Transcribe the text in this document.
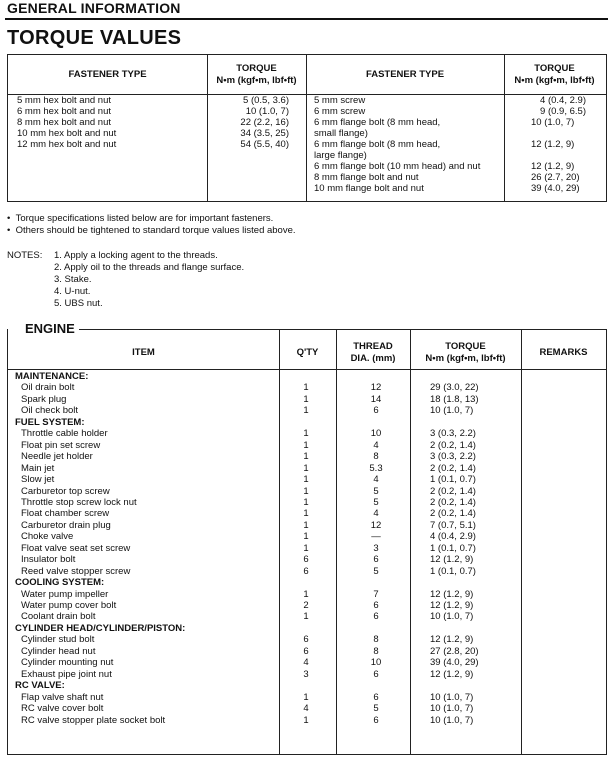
GENERAL INFORMATION
TORQUE VALUES
FASTENER TYPE
TORQUE
N•m (kgf•m, lbf•ft)
FASTENER TYPE
TORQUE
N•m (kgf•m, lbf•ft)
5 mm hex bolt and nut	5 (0.5, 3.6)
6 mm hex bolt and nut	10 (1.0, 7)
8 mm hex bolt and nut	22 (2.2, 16)
10 mm hex bolt and nut	34 (3.5, 25)
12 mm hex bolt and nut	54 (5.5, 40)
5 mm screw	4 (0.4, 2.9)
6 mm screw	9 (0.9, 6.5)
6 mm flange bolt (8 mm head,
small flange)
10 (1.0, 7)
6 mm flange bolt (8 mm head,
large flange)
12 (1.2, 9)
6 mm flange bolt (10 mm head) and nut	12 (1.2, 9)
8 mm flange bolt and nut	26 (2.7, 20)
10 mm flange bolt and nut	39 (4.0, 29)
•  Torque specifications listed below are for important fasteners.
•  Others should be tightened to standard torque values listed above.
NOTES: 1. Apply a locking agent to the threads.
2. Apply oil to the threads and flange surface.
3. Stake.
4. U-nut.
5. UBS nut.
ENGINE
ITEM	Q'TY
THREAD
DIA. (mm)
TORQUE
N•m (kgf•m, lbf•ft)
REMARKS
MAINTENANCE:
Oil drain bolt	1	12	29 (3.0, 22)
Spark plug	1	14	18 (1.8, 13)
Oil check bolt	1	6	10 (1.0, 7)
FUEL SYSTEM:
Throttle cable holder	1	10	3 (0.3, 2.2)
Float pin set screw	1	4	2 (0.2, 1.4)
Needle jet holder	1	8	3 (0.3, 2.2)
Main jet	1	5.3	2 (0.2, 1.4)
Slow jet	1	4	1 (0.1, 0.7)
Carburetor top screw	1	5	2 (0.2, 1.4)
Throttle stop screw lock nut	1	5	2 (0.2, 1.4)
Float chamber screw	1	4	2 (0.2, 1.4)
Carburetor drain plug	1	12	7 (0.7, 5.1)
Choke valve	1	—	4 (0.4, 2.9)
Float valve seat set screw	1	3	1 (0.1, 0.7)
Insulator bolt	6	6	12 (1.2, 9)
Reed valve stopper screw	6	5	1 (0.1, 0.7)
COOLING SYSTEM:
Water pump impeller	1	7	12 (1.2, 9)
Water pump cover bolt	2	6	12 (1.2, 9)
Coolant drain bolt	1	6	10 (1.0, 7)
CYLINDER HEAD/CYLINDER/PISTON:
Cylinder stud bolt	6	8	12 (1.2, 9)
Cylinder head nut	6	8	27 (2.8, 20)
Cylinder mounting nut	4	10	39 (4.0, 29)
Exhaust pipe joint nut	3	6	12 (1.2, 9)
RC VALVE:
Flap valve shaft nut	1	6	10 (1.0, 7)
RC valve cover bolt	4	5	10 (1.0, 7)
RC valve stopper plate socket bolt	1	6	10 (1.0, 7)
